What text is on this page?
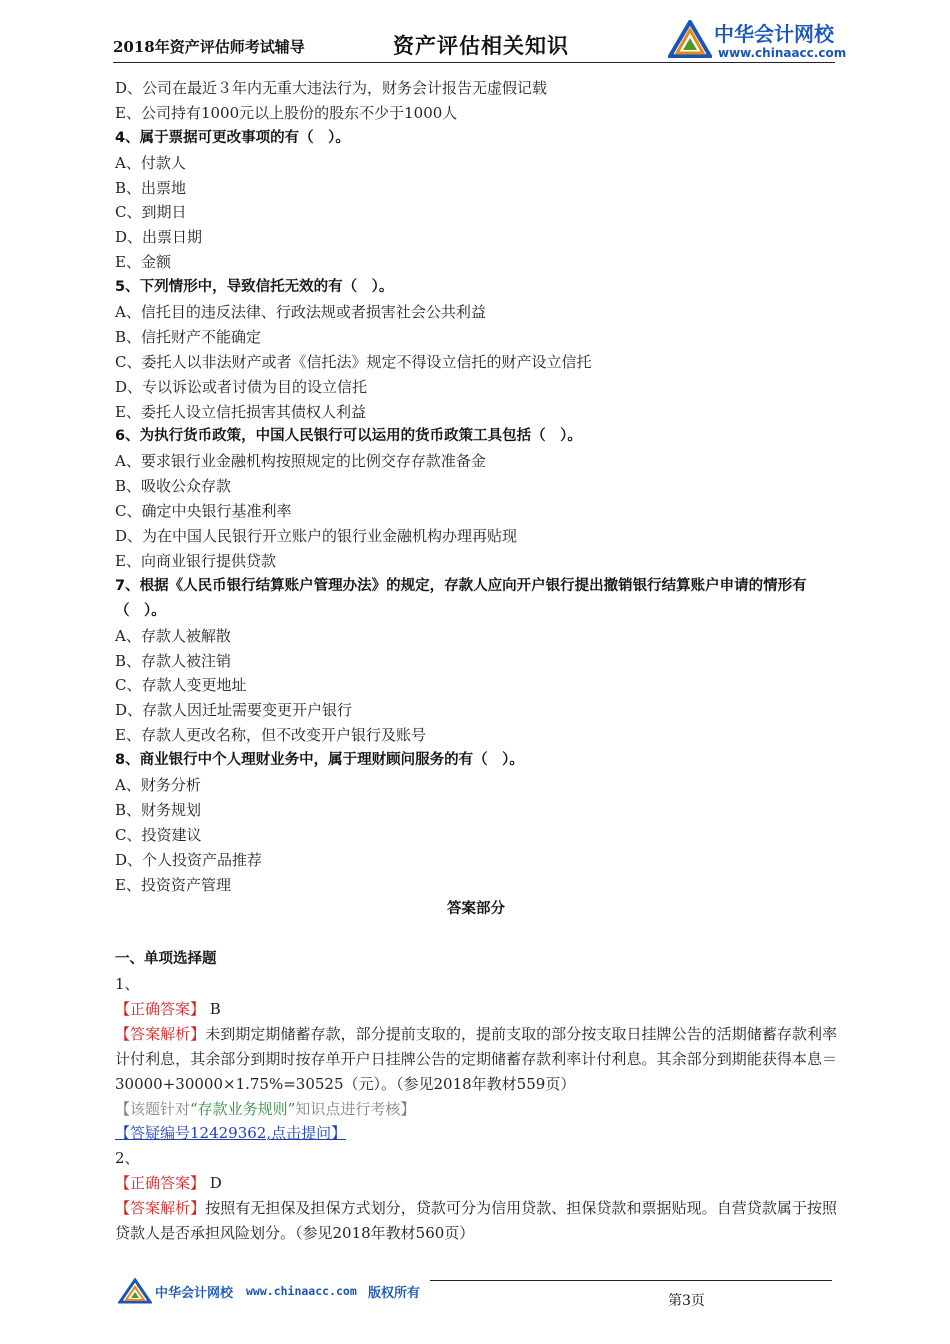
2018年资产评估师考试辅导	资产评估相关知识	中华会计网校
www.chinaacc.com
D、公司在最近３年内无重大违法行为，财务会计报告无虚假记载
E、公司持有1000元以上股份的股东不少于1000人
4、属于票据可更改事项的有（　）。
A、付款人
B、出票地
C、到期日
D、出票日期
E、金额
5、下列情形中，导致信托无效的有（　）。
A、信托目的违反法律、行政法规或者损害社会公共利益
B、信托财产不能确定
C、委托人以非法财产或者《信托法》规定不得设立信托的财产设立信托
D、专以诉讼或者讨债为目的设立信托
E、委托人设立信托损害其债权人利益
6、为执行货币政策，中国人民银行可以运用的货币政策工具包括（　）。
A、要求银行业金融机构按照规定的比例交存存款准备金
B、吸收公众存款
C、确定中央银行基准利率
D、为在中国人民银行开立账户的银行业金融机构办理再贴现
E、向商业银行提供贷款
7、根据《人民币银行结算账户管理办法》的规定，存款人应向开户银行提出撤销银行结算账户申请的情形有（　）。
A、存款人被解散
B、存款人被注销
C、存款人变更地址
D、存款人因迁址需要变更开户银行
E、存款人更改名称，但不改变开户银行及账号
8、商业银行中个人理财业务中，属于理财顾问服务的有（　）。
A、财务分析
B、财务规划
C、投资建议
D、个人投资产品推荐
E、投资资产管理
答案部分
一、单项选择题
1、
【正确答案】 B
【答案解析】未到期定期储蓄存款，部分提前支取的，提前支取的部分按支取日挂牌公告的活期储蓄存款利率计付利息，其余部分到期时按存单开户日挂牌公告的定期储蓄存款利率计付利息。其余部分到期能获得本息＝30000+30000×1.75%=30525（元）。（参见2018年教材559页）
【该题针对“存款业务规则”知识点进行考核】
【答疑编号12429362,点击提问】
2、
【正确答案】 D
【答案解析】按照有无担保及担保方式划分，贷款可分为信用贷款、担保贷款和票据贴现。自营贷款属于按照贷款人是否承担风险划分。（参见2018年教材560页）
中华会计网校 www.chinaacc.com 版权所有	第3页
